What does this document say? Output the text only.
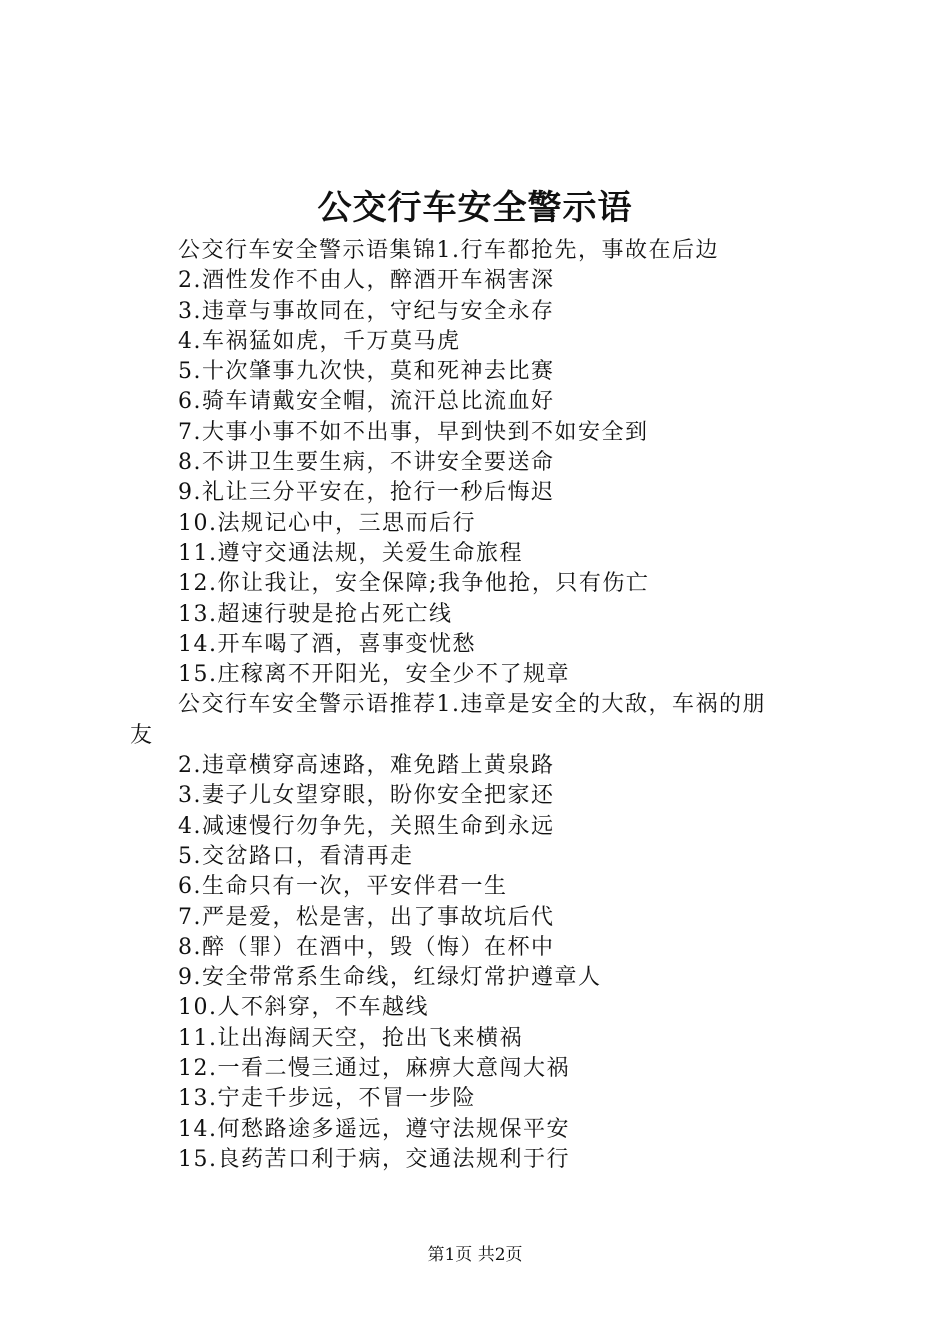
公交行车安全警示语
公交行车安全警示语集锦1.行车都抢先，事故在后边
2.酒性发作不由人，醉酒开车祸害深
3.违章与事故同在，守纪与安全永存
4.车祸猛如虎，千万莫马虎
5.十次肇事九次快，莫和死神去比赛
6.骑车请戴安全帽，流汗总比流血好
7.大事小事不如不出事，早到快到不如安全到
8.不讲卫生要生病，不讲安全要送命
9.礼让三分平安在，抢行一秒后悔迟
10.法规记心中，三思而后行
11.遵守交通法规，关爱生命旅程
12.你让我让，安全保障;我争他抢，只有伤亡
13.超速行驶是抢占死亡线
14.开车喝了酒，喜事变忧愁
15.庄稼离不开阳光，安全少不了规章
公交行车安全警示语推荐1.违章是安全的大敌，车祸的朋
友
2.违章横穿高速路，难免踏上黄泉路
3.妻子儿女望穿眼，盼你安全把家还
4.减速慢行勿争先，关照生命到永远
5.交岔路口，看清再走
6.生命只有一次，平安伴君一生
7.严是爱，松是害，出了事故坑后代
8.醉（罪）在酒中，毁（悔）在杯中
9.安全带常系生命线，红绿灯常护遵章人
10.人不斜穿，不车越线
11.让出海阔天空，抢出飞来横祸
12.一看二慢三通过，麻痹大意闯大祸
13.宁走千步远，不冒一步险
14.何愁路途多遥远，遵守法规保平安
15.良药苦口利于病，交通法规利于行
第1页 共2页
